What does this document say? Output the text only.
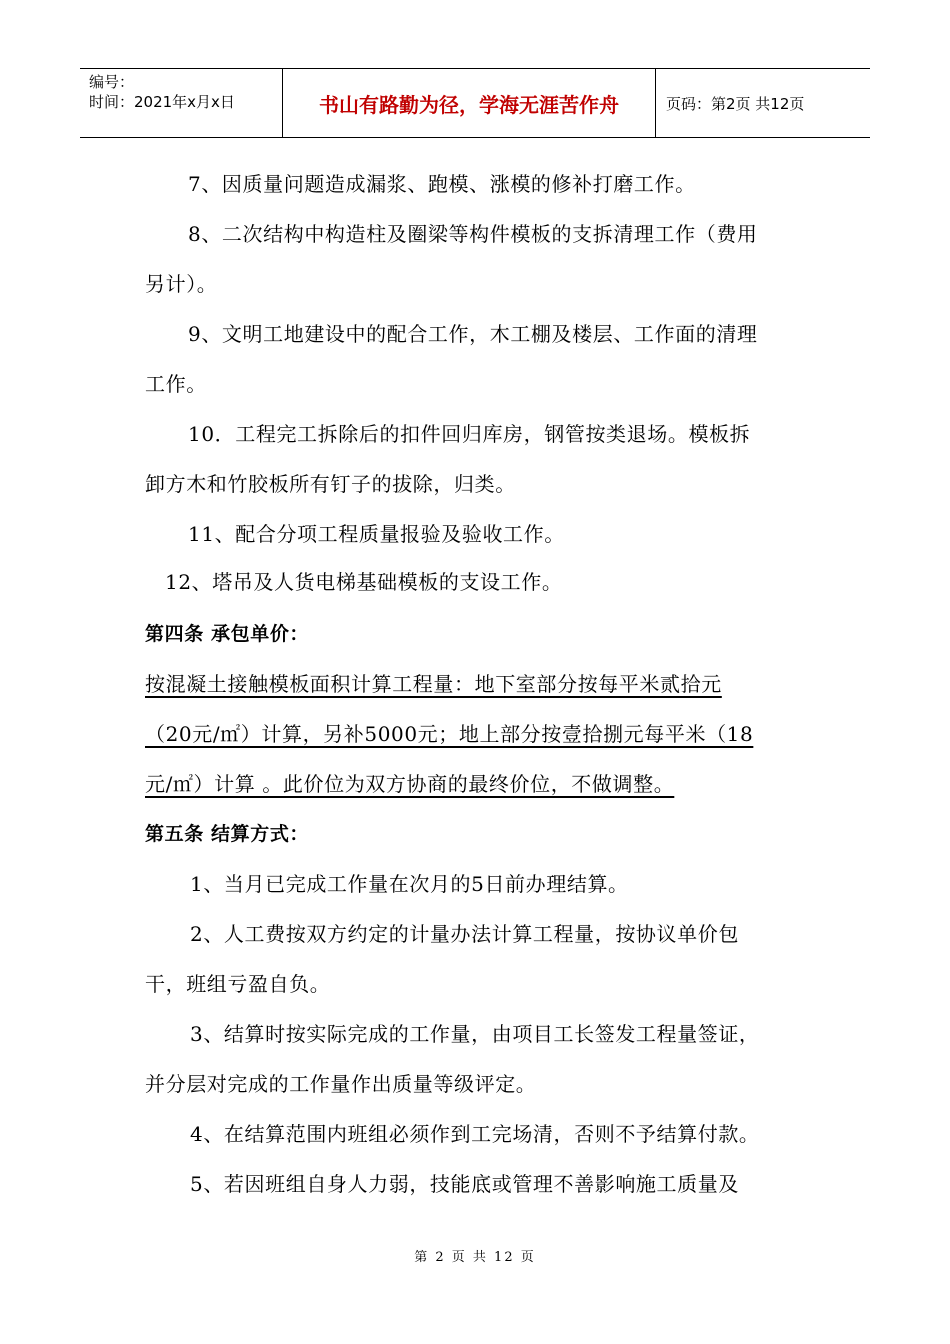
编号：
时间：2021年x月x日	书山有路勤为径，学海无涯苦作舟	页码：第2页 共12页
7、因质量问题造成漏浆、跑模、涨模的修补打磨工作。
8、二次结构中构造柱及圈梁等构件模板的支拆清理工作（费用
另计）。
9、文明工地建设中的配合工作，木工棚及楼层、工作面的清理
工作。
10．工程完工拆除后的扣件回归库房，钢管按类退场。模板拆
卸方木和竹胶板所有钉子的拔除，归类。
11、配合分项工程质量报验及验收工作。
12、塔吊及人货电梯基础模板的支设工作。
第四条 承包单价：
按混凝土接触模板面积计算工程量：地下室部分按每平米贰拾元
（20元/㎡）计算，另补5000元；地上部分按壹拾捌元每平米（18
元/㎡）计算 。此价位为双方协商的最终价位，不做调整。
第五条 结算方式：
1、当月已完成工作量在次月的5日前办理结算。
2、人工费按双方约定的计量办法计算工程量，按协议单价包
干，班组亏盈自负。
3、结算时按实际完成的工作量，由项目工长签发工程量签证，
并分层对完成的工作量作出质量等级评定。
4、在结算范围内班组必须作到工完场清，否则不予结算付款。
5、若因班组自身人力弱，技能底或管理不善影响施工质量及
第 2 页 共 12 页
